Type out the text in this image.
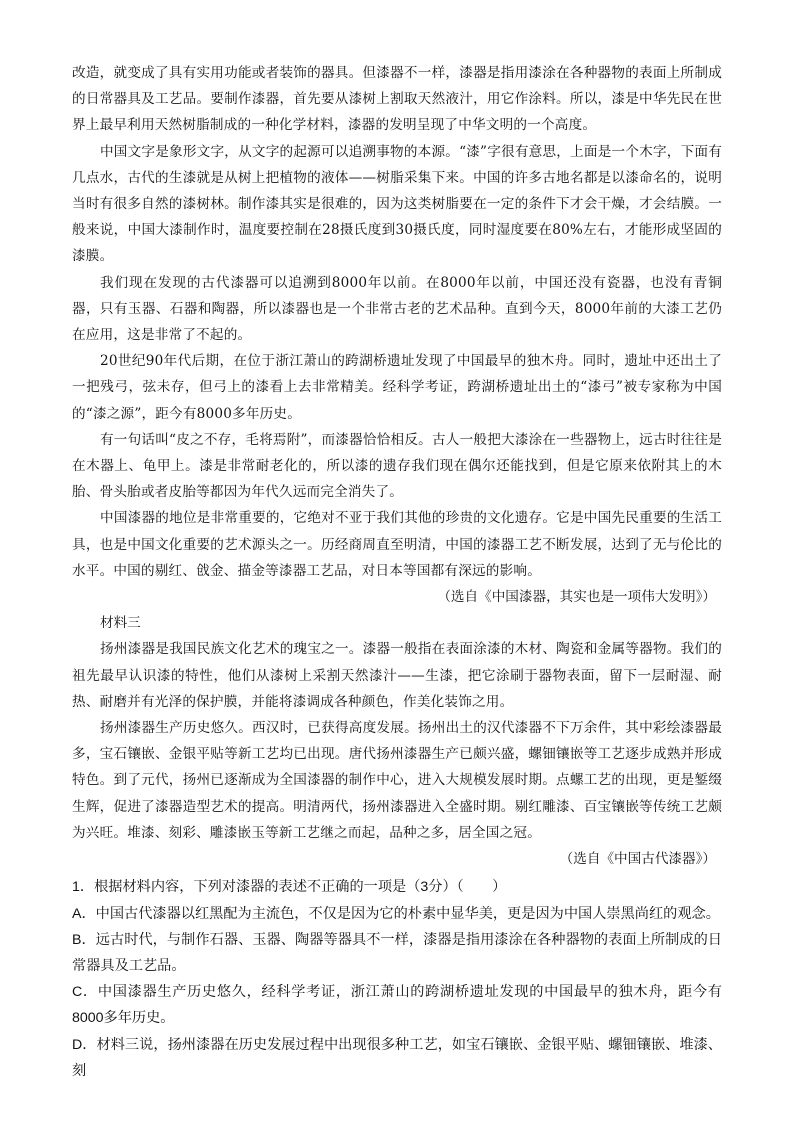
改造，就变成了具有实用功能或者装饰的器具。但漆器不一样，漆器是指用漆涂在各种器物的表面上所制成的日常器具及工艺品。要制作漆器，首先要从漆树上割取天然液汁，用它作涂料。所以，漆是中华先民在世界上最早利用天然树脂制成的一种化学材料，漆器的发明呈现了中华文明的一个高度。

中国文字是象形文字，从文字的起源可以追溯事物的本源。“漆”字很有意思，上面是一个木字，下面有几点水，古代的生漆就是从树上把植物的液体——树脂采集下来。中国的许多古地名都是以漆命名的，说明当时有很多自然的漆树林。制作漆其实是很难的，因为这类树脂要在一定的条件下才会干燥，才会结膜。一般来说，中国大漆制作时，温度要控制在28摄氏度到30摄氏度，同时湿度要在80%左右，才能形成坚固的漆膜。

我们现在发现的古代漆器可以追溯到8000年以前。在8000年以前，中国还没有瓷器，也没有青铜器，只有玉器、石器和陶器，所以漆器也是一个非常古老的艺术品种。直到今天，8000年前的大漆工艺仍在应用，这是非常了不起的。

20世纪90年代后期，在位于浙江萧山的跨湖桥遗址发现了中国最早的独木舟。同时，遗址中还出土了一把残弓，弦未存，但弓上的漆看上去非常精美。经科学考证，跨湖桥遗址出土的“漆弓”被专家称为中国的“漆之源”，距今有8000多年历史。

有一句话叫“皮之不存，毛将焉附”，而漆器恰恰相反。古人一般把大漆涂在一些器物上，远古时往往是在木器上、龟甲上。漆是非常耐老化的，所以漆的遗存我们现在偶尔还能找到，但是它原来依附其上的木胎、骨头胎或者皮胎等都因为年代久远而完全消失了。

中国漆器的地位是非常重要的，它绝对不亚于我们其他的珍贵的文化遗存。它是中国先民重要的生活工具，也是中国文化重要的艺术源头之一。历经商周直至明清，中国的漆器工艺不断发展，达到了无与伦比的水平。中国的剔红、戗金、描金等漆器工艺品，对日本等国都有深远的影响。

（选自《中国漆器，其实也是一项伟大发明》）

材料三

扬州漆器是我国民族文化艺术的瑰宝之一。漆器一般指在表面涂漆的木材、陶瓷和金属等器物。我们的祖先最早认识漆的特性，他们从漆树上采割天然漆汁——生漆，把它涂刷于器物表面，留下一层耐湿、耐热、耐磨并有光泽的保护膜，并能将漆调成各种颜色，作美化装饰之用。

扬州漆器生产历史悠久。西汉时，已获得高度发展。扬州出土的汉代漆器不下万余件，其中彩绘漆器最多，宝石镶嵌、金银平贴等新工艺均已出现。唐代扬州漆器生产已颇兴盛，螺钿镶嵌等工艺逐步成熟并形成特色。到了元代，扬州已逐渐成为全国漆器的制作中心，进入大规模发展时期。点螺工艺的出现，更是錾缀生辉，促进了漆器造型艺术的提高。明清两代，扬州漆器进入全盛时期。剔红雕漆、百宝镶嵌等传统工艺颇为兴旺。堆漆、刻彩、雕漆嵌玉等新工艺继之而起，品种之多，居全国之冠。

（选自《中国古代漆器》）

1．根据材料内容，下列对漆器的表述不正确的一项是（3分）（　　）

A．中国古代漆器以红黑配为主流色，不仅是因为它的朴素中显华美，更是因为中国人崇黑尚红的观念。

B．远古时代，与制作石器、玉器、陶器等器具不一样，漆器是指用漆涂在各种器物的表面上所制成的日常器具及工艺品。

C．中国漆器生产历史悠久，经科学考证，浙江萧山的跨湖桥遗址发现的中国最早的独木舟，距今有8000多年历史。

D．材料三说，扬州漆器在历史发展过程中出现很多种工艺，如宝石镶嵌、金银平贴、螺钿镶嵌、堆漆、刻
